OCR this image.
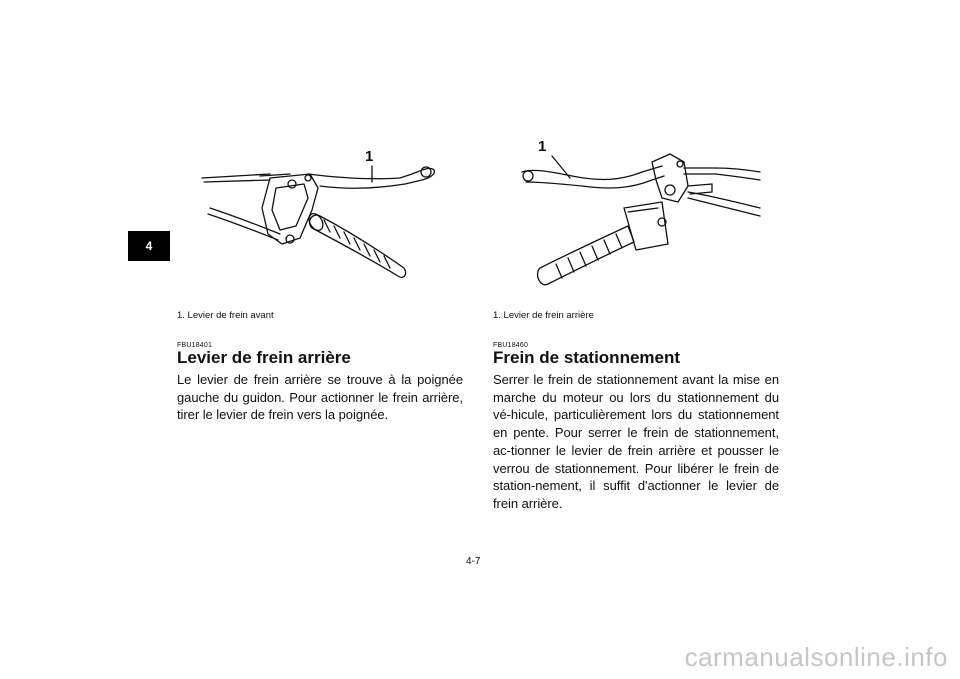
4
1
1
1. Levier de frein avant
FBU18401
Levier de frein arrière

Le levier de frein arrière se trouve à la poignée gauche du guidon. Pour actionner le frein arrière, tirer le levier de frein vers la poignée.

1. Levier de frein arrière
FBU18460
Frein de stationnement

Serrer le frein de stationnement avant la mise en marche du moteur ou lors du stationnement du vé-hicule, particulièrement lors du stationnement en pente. Pour serrer le frein de stationnement, ac-tionner le levier de frein arrière et pousser le verrou de stationnement. Pour libérer le frein de station-nement, il suffit d'actionner le levier de frein arrière.

4-7
carmanualsonline.info
